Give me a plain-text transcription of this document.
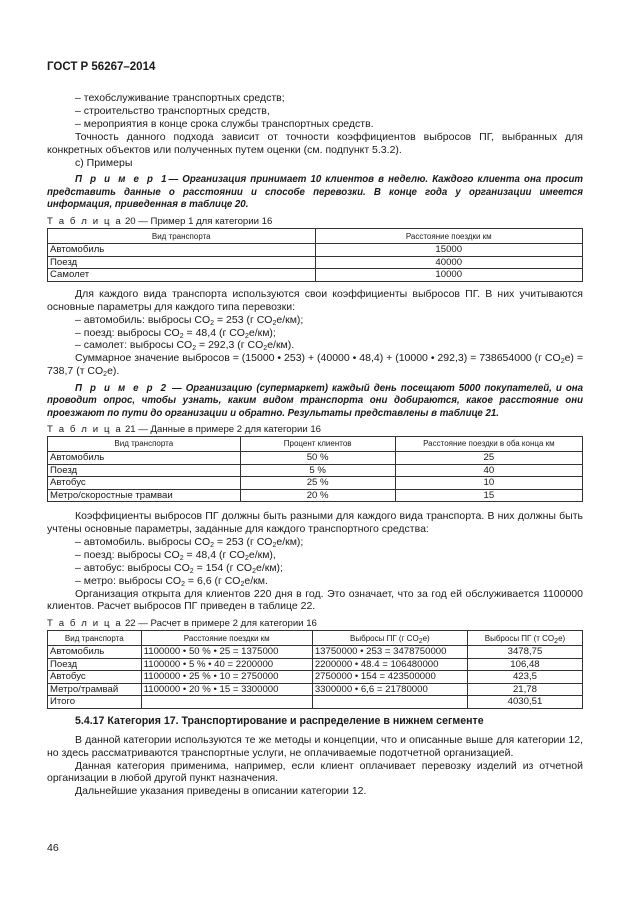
ГОСТ Р 56267–2014

– техобслуживание транспортных средств;

– строительство транспортных средств,

– мероприятия в конце срока службы транспортных средств.

Точность данного подхода зависит от точности коэффициентов выбросов ПГ, выбранных для конкретных объектов или полученных путем оценки (см. подпункт 5.3.2).

c) Примеры

П р и м е р 1— Организация принимает 10 клиентов в неделю. Каждого клиента она просит представить данные о расстоянии и способе перевозки. В конце года у организации имеется информация, приведенная в таблице 20.

Т а б л и ц а 20 — Пример 1 для категории 16

Вид транспорта	Расстояние поездки км
Автомобиль	15000
Поезд	40000
Самолет	10000

Для каждого вида транспорта используются свои коэффициенты выбросов ПГ. В них учитываются основные параметры для каждого типа перевозки:

– автомобиль: выбросы $CO_2 = 253$ (г $CO_2е/км$);

– поезд: выбросы $CO_2 = 48,4$ (г $CO_2е/км$);

– самолет: выбросы $CO_2 = 292,3$ (г $CO_2е/км$).

Суммарное значение выбросов = (15000 • 253) + (40000 • 48,4) + (10000 • 292,3) = 738654000 (г $CO_2е) = 738,7$ (т $CO_2е$).

П р и м е р 2 — Организацию (супермаркет) каждый день посещают 5000 покупателей, и она проводит опрос, чтобы узнать, каким видом транспорта они добираются, какое расстояние они проезжают по пути до организации и обратно. Результаты представлены в таблице 21.

Т а б л и ц а 21 — Данные в примере 2 для категории 16

Вид транспорта	Процент клиентов	Расстояние поездки в оба конца км
Автомобиль	50 %	25
Поезд	5 %	40
Автобус	25 %	10
Метро/скоростные трамваи	20 %	15

Коэффициенты выбросов ПГ должны быть разными для каждого вида транспорта. В них должны быть учтены основные параметры, заданные для каждого транспортного средства:

– автомобиль. выбросы $CO_2 = 253$ (г $CO_2е/км$);

– поезд: выбросы $CO_2 = 48,4$ (г $CO_2е/км$),

– автобус: выбросы $CO_2 = 154$ (г $CO_2е/км$);

– метро: выбросы $CO_2 = 6,6$ (г $CO_2е/км$.

Организация открыта для клиентов 220 дня в год. Это означает, что за год ей обслуживается 1100000 клиентов. Расчет выбросов ПГ приведен в таблице 22.

Т а б л и ц а 22 — Расчет в примере 2 для категории 16

Вид транспорта	Расстояние поездки км	Выбросы ПГ (г $CO_2е$)	Выбросы ПГ (т $CO_2е$)
Автомобиль	1100000 • 50 % • 25 = 1375000	13750000 • 253 = 3478750000	3478,75
Поезд	1100000 • 5 % • 40 = 2200000	2200000 • 48.4 = 106480000	106,48
Автобус	1100000 • 25 % • 10 = 2750000	2750000 • 154 = 423500000	423,5
Метро/трамвай	1100000 • 20 % • 15 = 3300000	3300000 • 6,6 = 21780000	21,78
Итого			4030,51

5.4.17 Категория 17. Транспортирование и распределение в нижнем сегменте

В данной категории используются те же методы и концепции, что и описанные выше для категории 12, но здесь рассматриваются транспортные услуги, не оплачиваемые подотчетной организацией.

Данная категория применима, например, если клиент оплачивает перевозку изделий из отчетной организации в любой другой пункт назначения.

Дальнейшие указания приведены в описании категории 12.

46
